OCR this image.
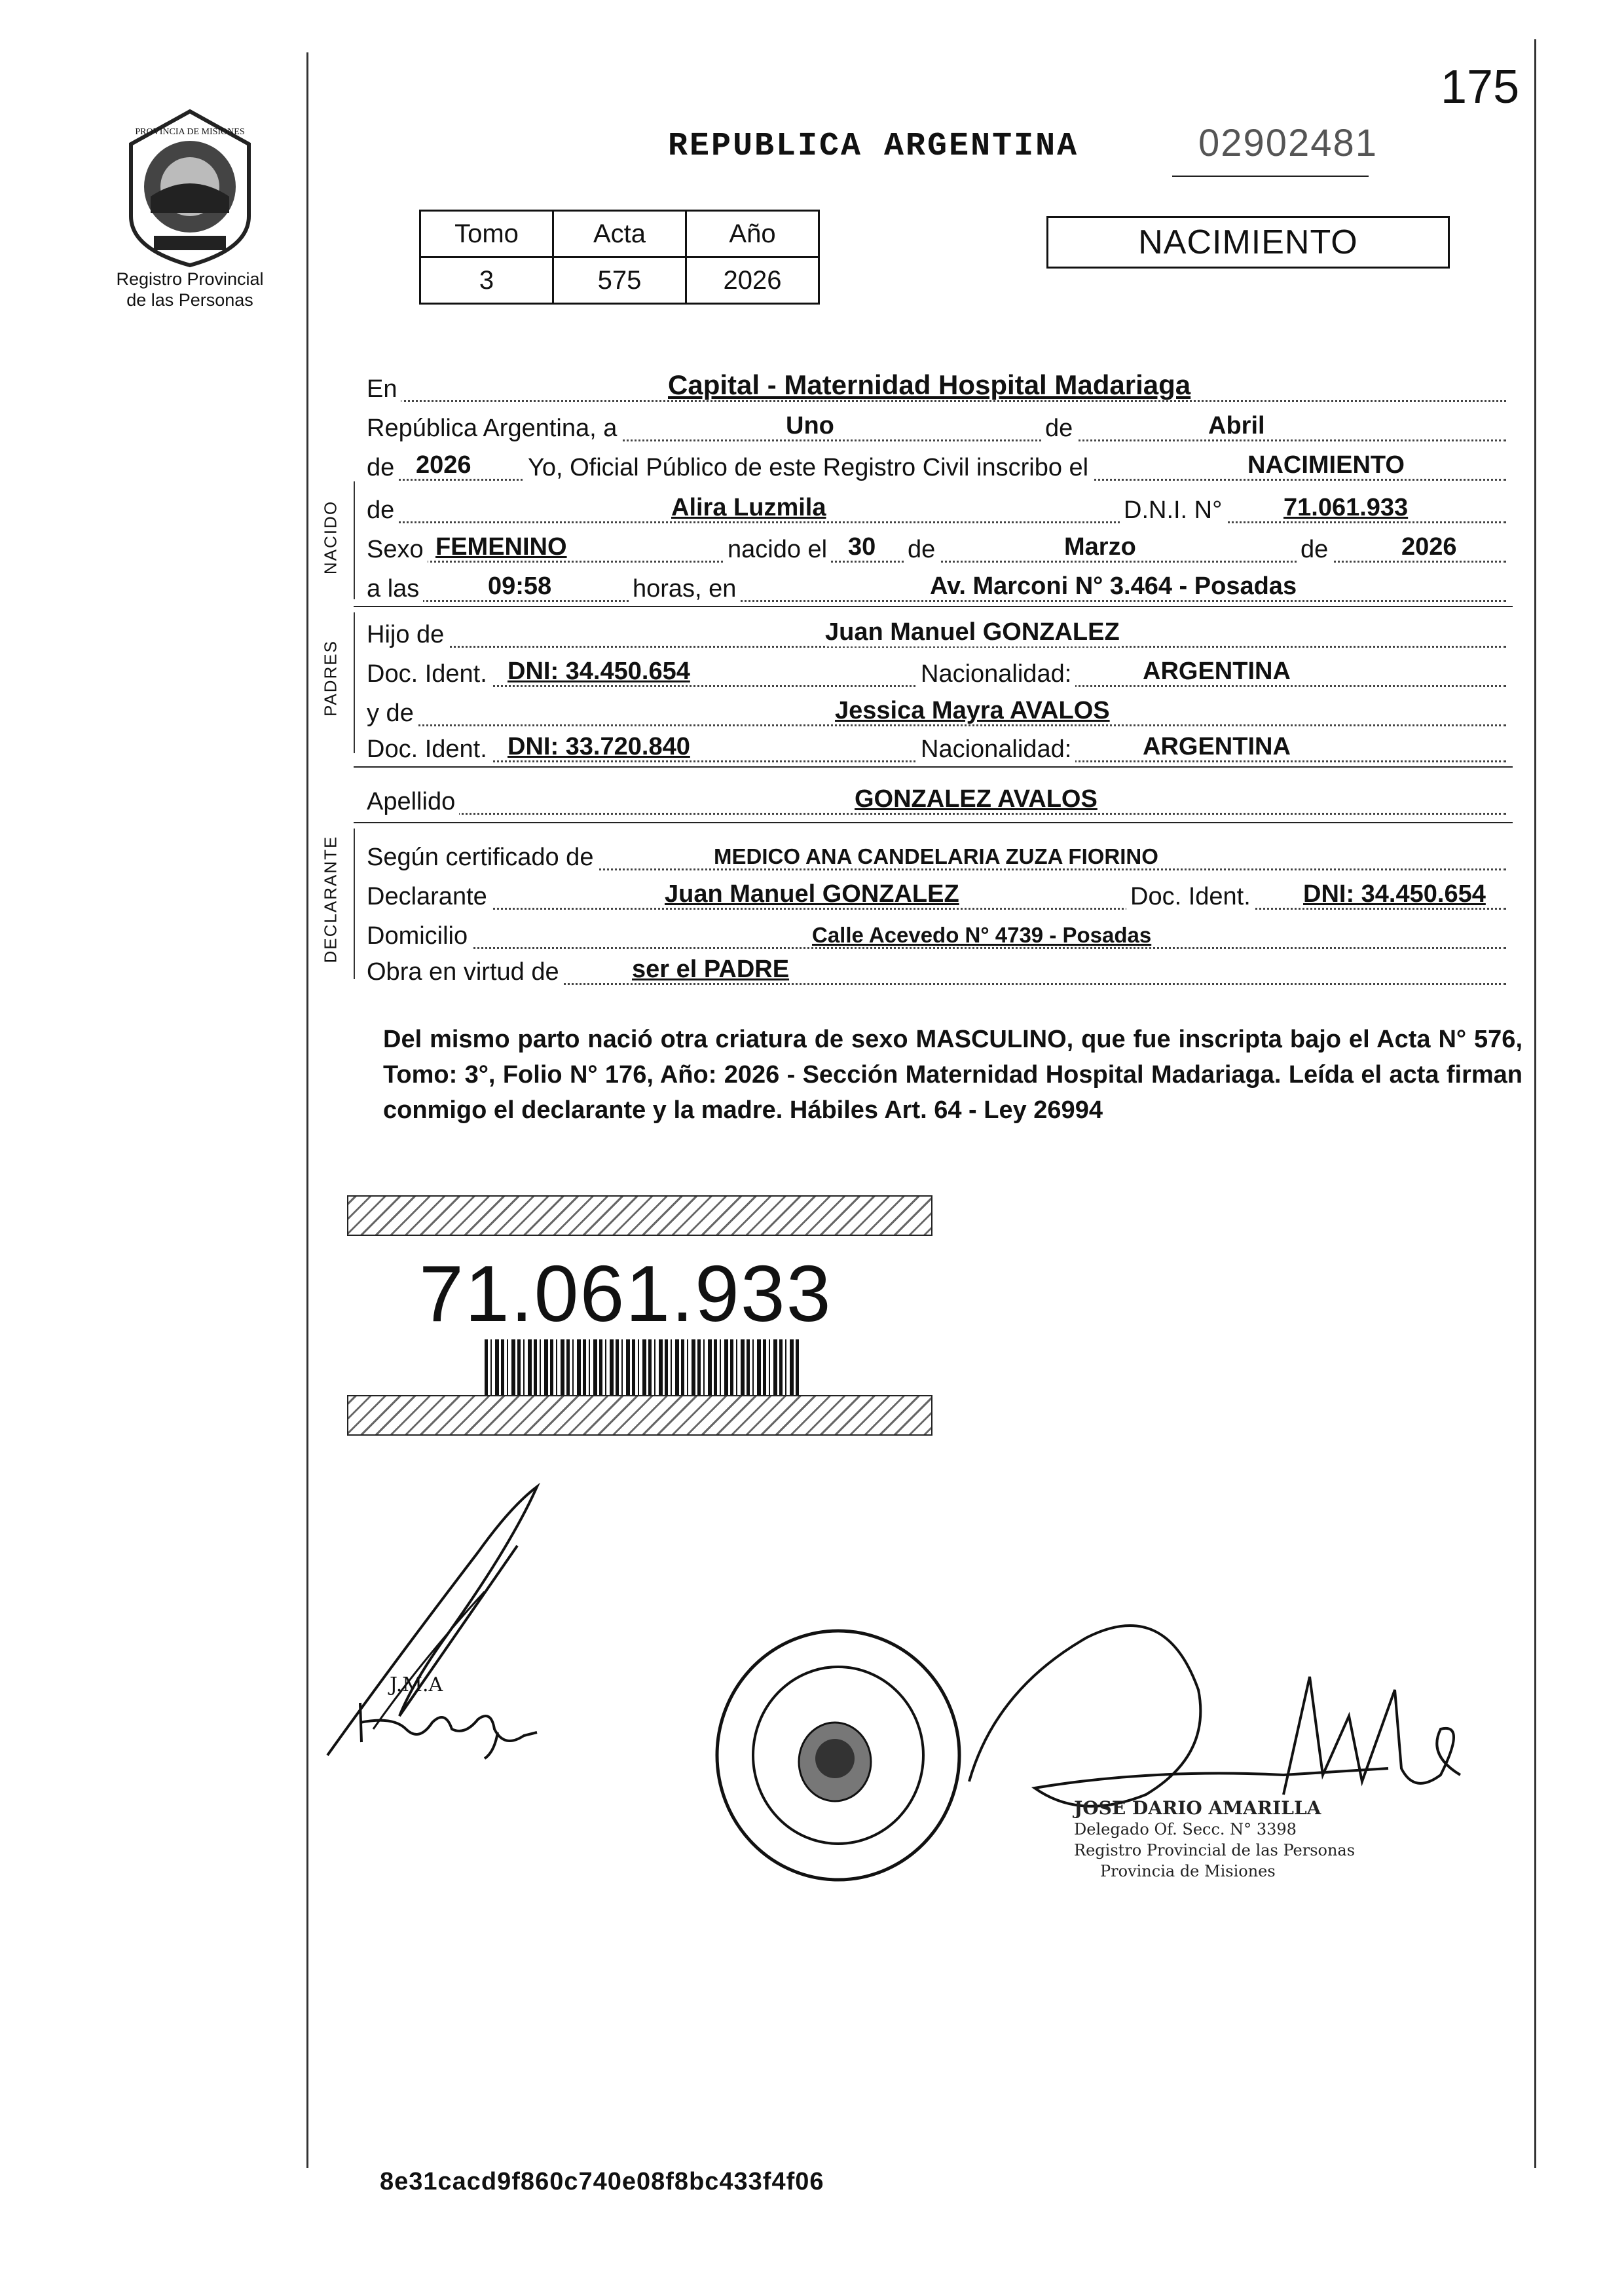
175
02902481
REPUBLICA ARGENTINA
PROVINCIA DE MISIONES
Registro Provincial
de las Personas
Tomo	Acta	Año
3	575	2026
NACIMIENTO
En	Capital - Maternidad Hospital Madariaga
República Argentina, a	Uno	de	Abril
de 2026 Yo, Oficial Público de este Registro Civil inscribo el	NACIMIENTO
NACIDO de	Alira Luzmila	D.N.I. N° 71.061.933
Sexo FEMENINO	nacido el 30 de	Marzo	de	2026
a las	09:58	horas, en	Av. Marconi N° 3.464 - Posadas
PADRES
Hijo de	Juan Manuel GONZALEZ
Doc. Ident. DNI: 34.450.654	Nacionalidad:	ARGENTINA
y de	Jessica Mayra AVALOS
Doc. Ident. DNI: 33.720.840	Nacionalidad:	ARGENTINA
Apellido	GONZALEZ AVALOS
DECLARANTE Según certificado de	MEDICO ANA CANDELARIA ZUZA FIORINO
Declarante	Juan Manuel GONZALEZ	Doc. Ident. DNI: 34.450.654
Domicilio	Calle Acevedo N° 4739 - Posadas
Obra en virtud de	ser el PADRE
Del mismo parto nació otra criatura de sexo MASCULINO, que fue inscripta bajo el Acta N° 576, Tomo: 3°, Folio N° 176, Año: 2026 - Sección Maternidad Hospital Madariaga. Leída el acta firman conmigo el declarante y la madre. Hábiles Art. 64 - Ley 26994
71.061.933
J.M.A
JOSE DARIO AMARILLA
Delegado Of. Secc. N° 3398
Registro Provincial de las Personas
Provincia de Misiones
8e31cacd9f860c740e08f8bc433f4f06
